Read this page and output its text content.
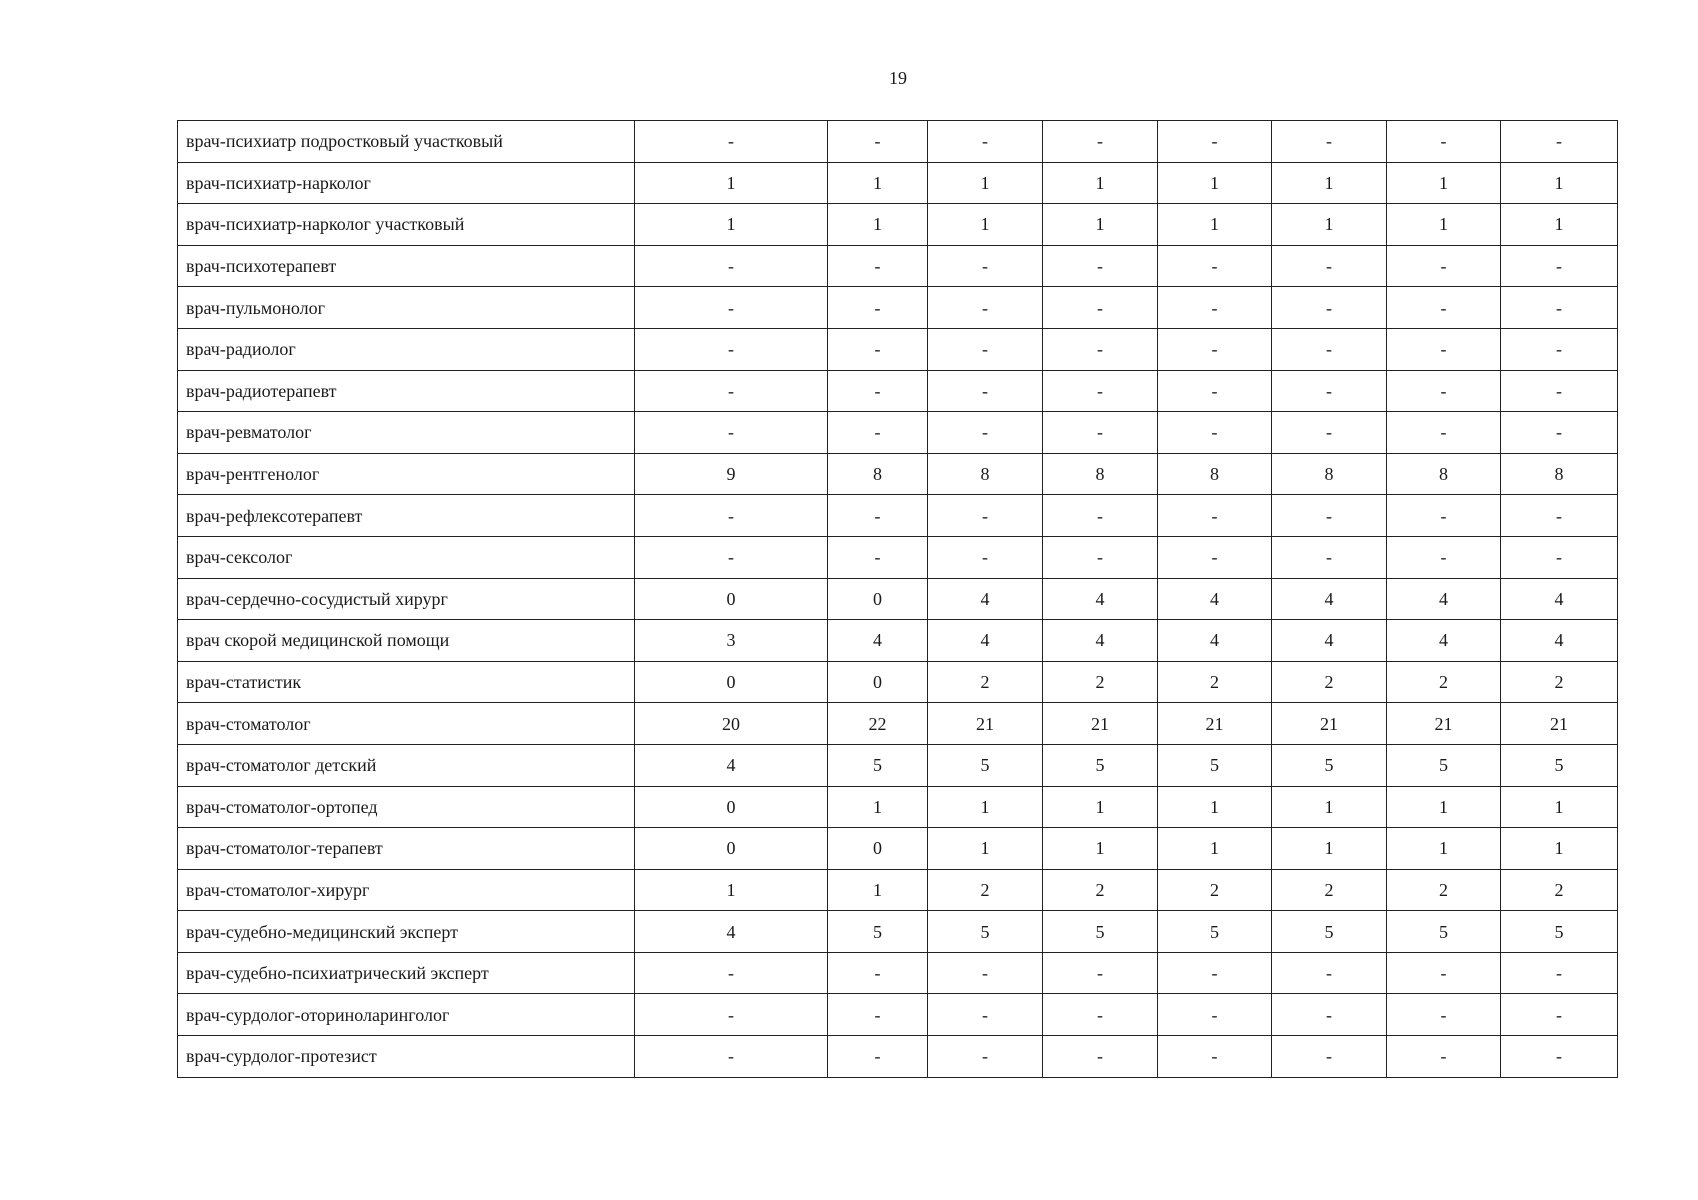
19
врач-психиатр подростковый участковый	-	-	-	-	-	-	-	-
врач-психиатр-нарколог	1	1	1	1	1	1	1	1
врач-психиатр-нарколог участковый	1	1	1	1	1	1	1	1
врач-психотерапевт	-	-	-	-	-	-	-	-
врач-пульмонолог	-	-	-	-	-	-	-	-
врач-радиолог	-	-	-	-	-	-	-	-
врач-радиотерапевт	-	-	-	-	-	-	-	-
врач-ревматолог	-	-	-	-	-	-	-	-
врач-рентгенолог	9	8	8	8	8	8	8	8
врач-рефлексотерапевт	-	-	-	-	-	-	-	-
врач-сексолог	-	-	-	-	-	-	-	-
врач-сердечно-сосудистый хирург	0	0	4	4	4	4	4	4
врач скорой медицинской помощи	3	4	4	4	4	4	4	4
врач-статистик	0	0	2	2	2	2	2	2
врач-стоматолог	20	22	21	21	21	21	21	21
врач-стоматолог детский	4	5	5	5	5	5	5	5
врач-стоматолог-ортопед	0	1	1	1	1	1	1	1
врач-стоматолог-терапевт	0	0	1	1	1	1	1	1
врач-стоматолог-хирург	1	1	2	2	2	2	2	2
врач-судебно-медицинский эксперт	4	5	5	5	5	5	5	5
врач-судебно-психиатрический эксперт	-	-	-	-	-	-	-	-
врач-сурдолог-оториноларинголог	-	-	-	-	-	-	-	-
врач-сурдолог-протезист	-	-	-	-	-	-	-	-
